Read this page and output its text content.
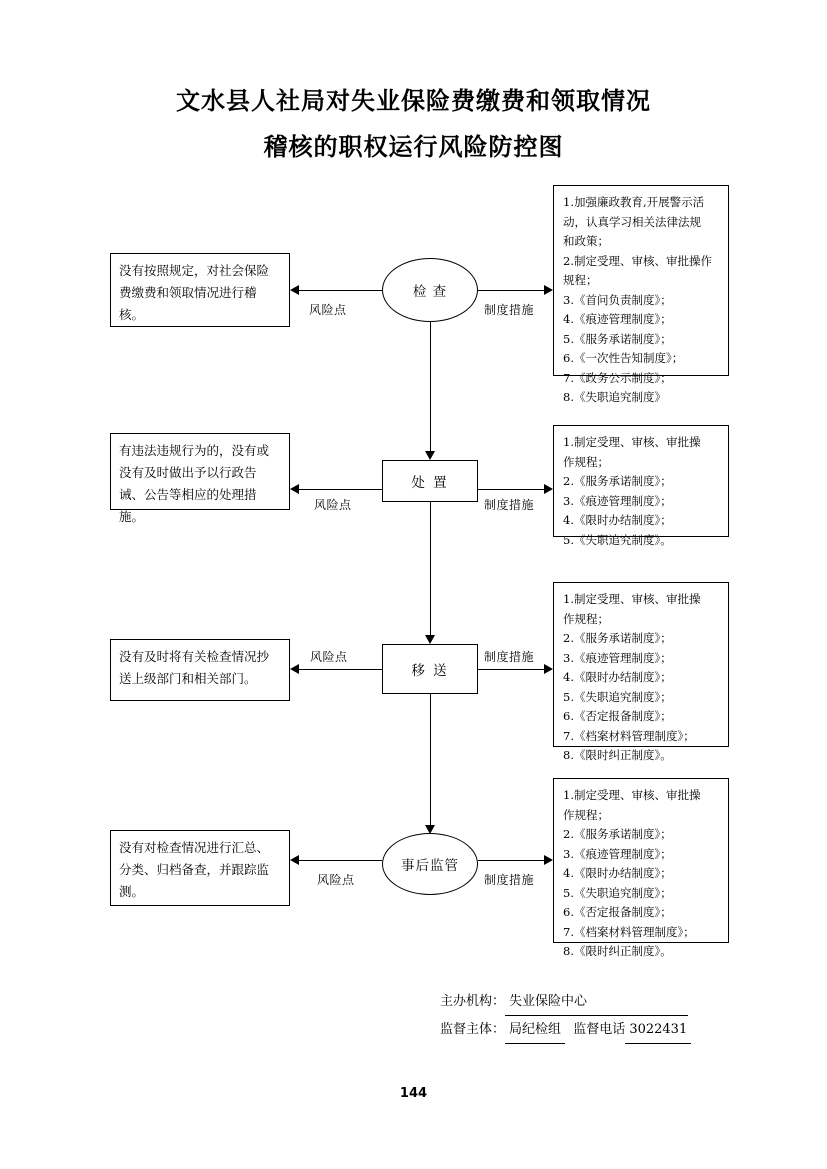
文水县人社局对失业保险费缴费和领取情况
稽核的职权运行风险防控图
检 查
没有按照规定，对社会保险费缴费和领取情况进行稽核。
1.加强廉政教育,开展警示活
动，认真学习相关法律法规
和政策；
2.制定受理、审核、审批操作
规程；
3.《首问负责制度》；
4.《痕迹管理制度》；
5.《服务承诺制度》；
6.《一次性告知制度》；
7.《政务公示制度》；
8.《失职追究制度》
风险点	制度措施
处 置
有违法违规行为的，没有或没有及时做出予以行政告诫、公告等相应的处理措施。
1.制定受理、审核、审批操
作规程；
2.《服务承诺制度》；
3.《痕迹管理制度》；
4.《限时办结制度》；
5.《失职追究制度》。
风险点	制度措施
移 送
没有及时将有关检查情况抄送上级部门和相关部门。
1.制定受理、审核、审批操
作规程；
2.《服务承诺制度》；
3.《痕迹管理制度》；
4.《限时办结制度》；
5.《失职追究制度》；
6.《否定报备制度》；
7.《档案材料管理制度》；
8.《限时纠正制度》。
风险点	制度措施
事后监管
没有对检查情况进行汇总、分类、归档备查，并跟踪监测。
1.制定受理、审核、审批操
作规程；
2.《服务承诺制度》；
3.《痕迹管理制度》；
4.《限时办结制度》；
5.《失职追究制度》；
6.《否定报备制度》；
7.《档案材料管理制度》；
8.《限时纠正制度》。
风险点	制度措施
主办机构： 失业保险中心
监督主体： 局纪检组 监督电话 3022431
144
